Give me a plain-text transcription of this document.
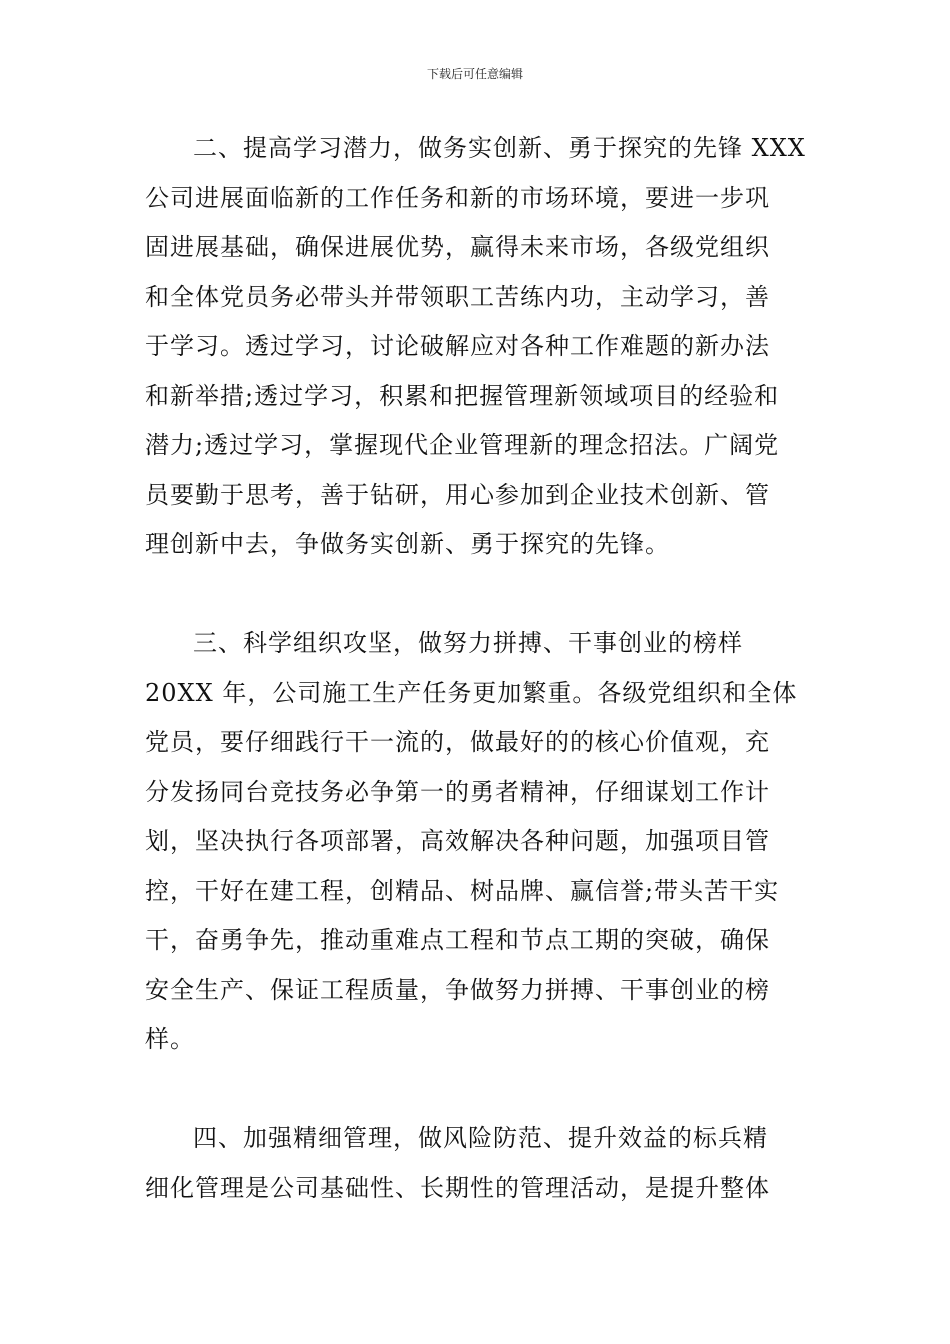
下载后可任意编辑

二、提高学习潜力，做务实创新、勇于探究的先锋 XXX
公司进展面临新的工作任务和新的市场环境，要进一步巩
固进展基础，确保进展优势，赢得未来市场，各级党组织
和全体党员务必带头并带领职工苦练内功，主动学习，善
于学习。透过学习，讨论破解应对各种工作难题的新办法
和新举措;透过学习，积累和把握管理新领域项目的经验和
潜力;透过学习，掌握现代企业管理新的理念招法。广阔党
员要勤于思考，善于钻研，用心参加到企业技术创新、管
理创新中去，争做务实创新、勇于探究的先锋。

三、科学组织攻坚，做努力拼搏、干事创业的榜样
20XX 年，公司施工生产任务更加繁重。各级党组织和全体
党员，要仔细践行干一流的，做最好的的核心价值观，充
分发扬同台竞技务必争第一的勇者精神，仔细谋划工作计
划，坚决执行各项部署，高效解决各种问题，加强项目管
控，干好在建工程，创精品、树品牌、赢信誉;带头苦干实
干，奋勇争先，推动重难点工程和节点工期的突破，确保
安全生产、保证工程质量，争做努力拼搏、干事创业的榜
样。

四、加强精细管理，做风险防范、提升效益的标兵精
细化管理是公司基础性、长期性的管理活动，是提升整体
